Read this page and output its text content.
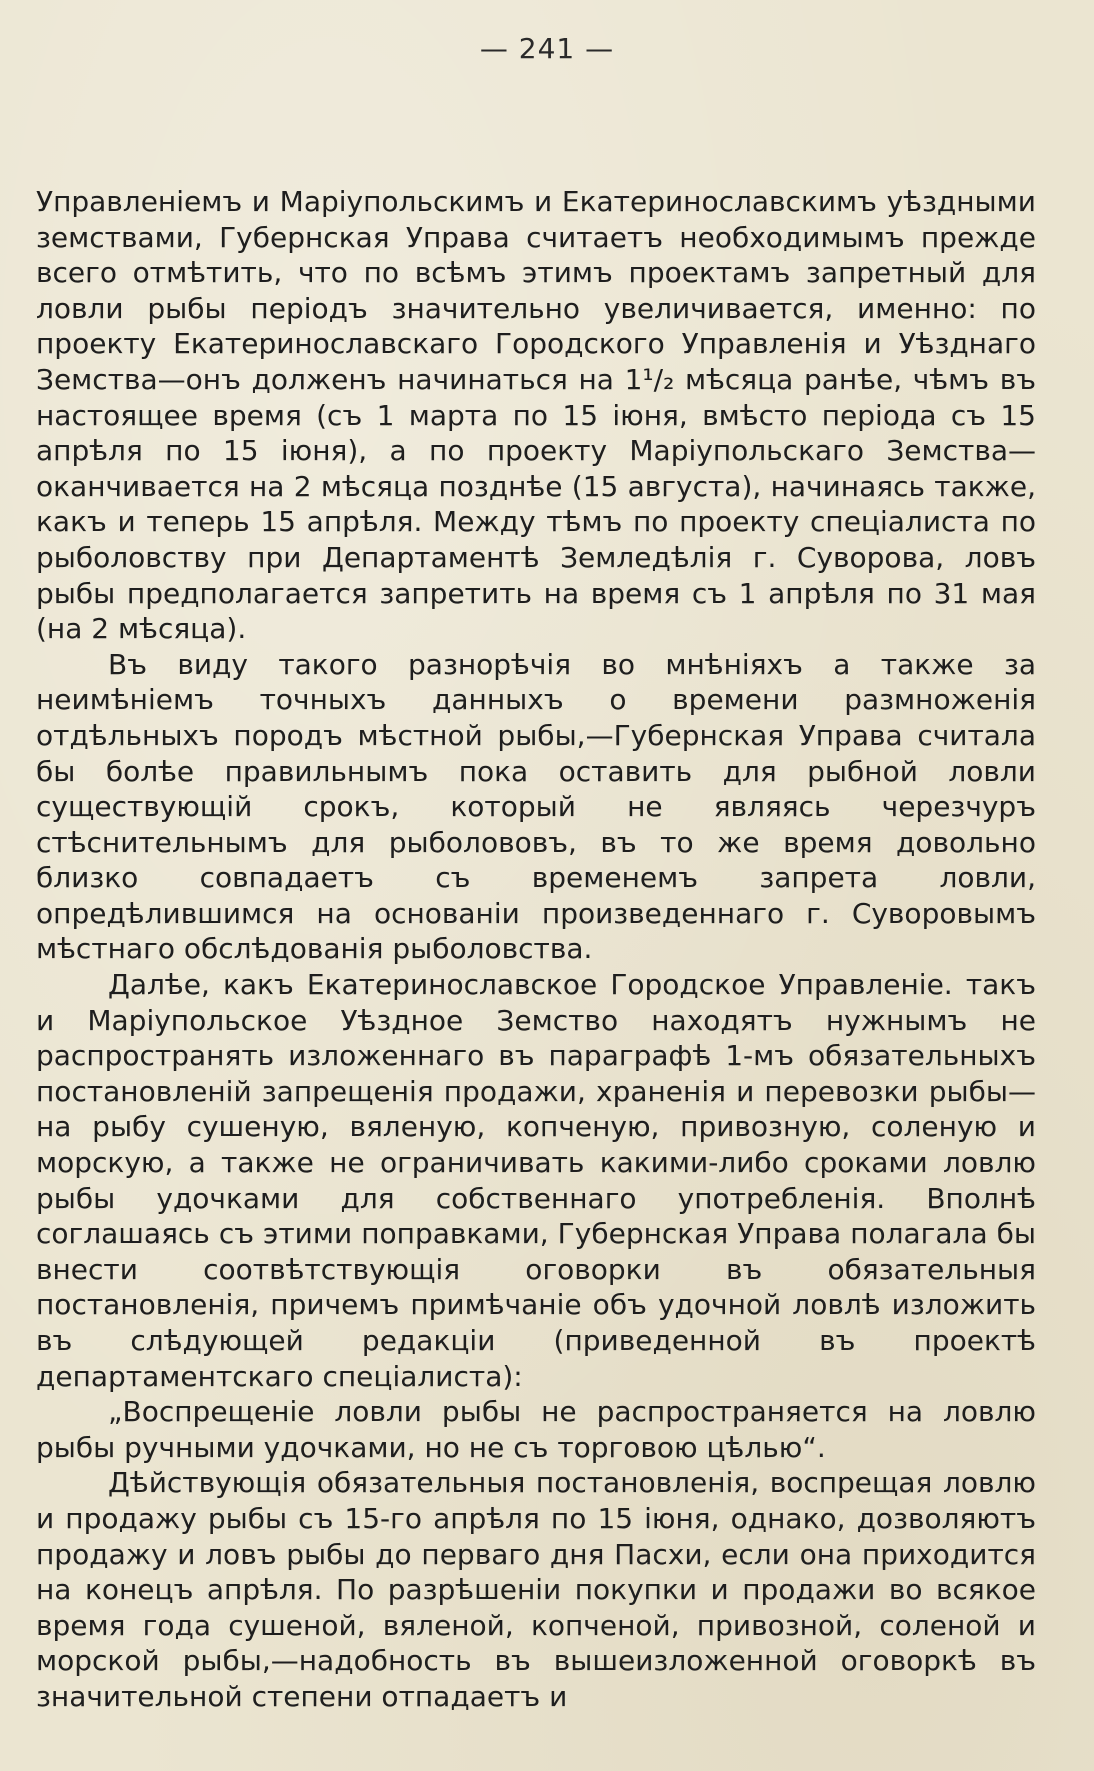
— 241 —

Управленіемъ и Маріупольскимъ и Екатеринославскимъ уѣздными земствами, Губернская Управа считаетъ необходимымъ прежде всего отмѣтить, что по всѣмъ этимъ проектамъ запретный для ловли рыбы періодъ значительно увеличивается, именно: по проекту Екатеринославскаго Городского Управленія и Уѣзднаго Земства—онъ долженъ начинаться на 1¹/₂ мѣсяца ранѣе, чѣмъ въ настоящее время (съ 1 марта по 15 іюня, вмѣсто періода съ 15 апрѣля по 15 іюня), а по проекту Маріупольскаго Земства—оканчивается на 2 мѣсяца позднѣе (15 августа), начинаясь также, какъ и теперь 15 апрѣля. Между тѣмъ по проекту спеціалиста по рыболовству при Департаментѣ Земледѣлія г. Суворова, ловъ рыбы предполагается запретить на время съ 1 апрѣля по 31 мая (на 2 мѣсяца).

Въ виду такого разнорѣчія во мнѣніяхъ а также за неимѣніемъ точныхъ данныхъ о времени размноженія отдѣльныхъ породъ мѣстной рыбы,—Губернская Управа считала бы болѣе правильнымъ пока оставить для рыбной ловли существующій срокъ, который не являясь черезчуръ стѣснительнымъ для рыболововъ, въ то же время довольно близко совпадаетъ съ временемъ запрета ловли, опредѣлившимся на основаніи произведеннаго г. Суворовымъ мѣстнаго обслѣдованія рыболовства.

Далѣе, какъ Екатеринославское Городское Управленіе. такъ и Маріупольское Уѣздное Земство находятъ нужнымъ не распространять изложеннаго въ параграфѣ 1-мъ обязательныхъ постановленій запрещенія продажи, храненія и перевозки рыбы—на рыбу сушеную, вяленую, копченую, привозную, соленую и морскую, а также не ограничивать какими-либо сроками ловлю рыбы удочками для собственнаго употребленія. Вполнѣ соглашаясь съ этими поправками, Губернская Управа полагала бы внести соотвѣтствующія оговорки въ обязательныя постановленія, причемъ примѣчаніе объ удочной ловлѣ изложить въ слѣдующей редакціи (приведенной въ проектѣ департаментскаго спеціалиста):

„Воспрещеніе ловли рыбы не распространяется на ловлю рыбы ручными удочками, но не съ торговою цѣлью“.

Дѣйствующія обязательныя постановленія, воспрещая ловлю и продажу рыбы съ 15-го апрѣля по 15 іюня, однако, дозволяютъ продажу и ловъ рыбы до перваго дня Пасхи, если она приходится на конецъ апрѣля. По разрѣшеніи покупки и продажи во всякое время года сушеной, вяленой, копченой, привозной, соленой и морской рыбы,—надобность въ вышеизложенной оговоркѣ въ значительной степени отпадаетъ и
